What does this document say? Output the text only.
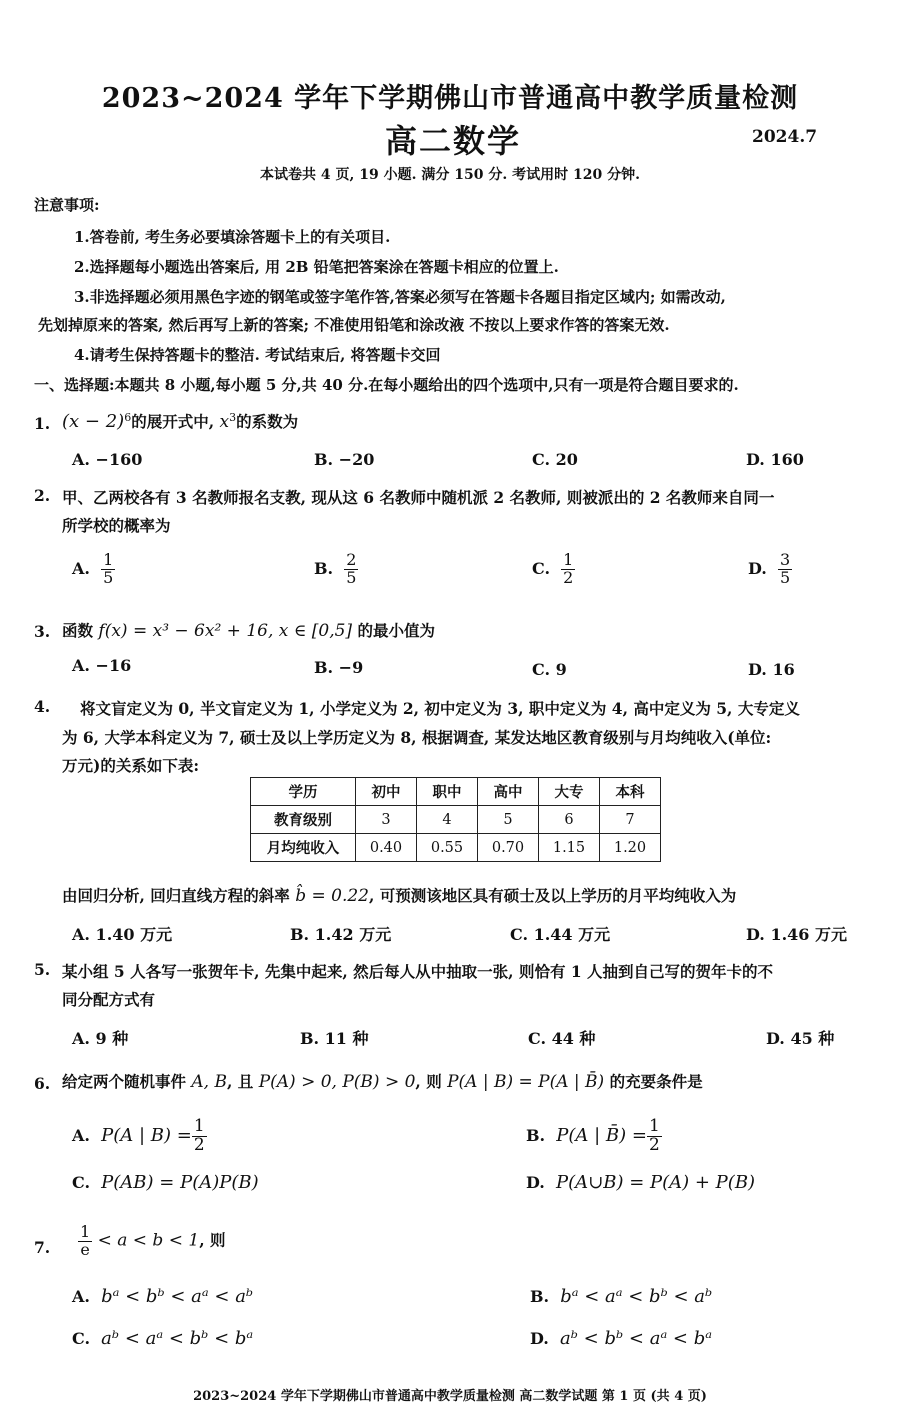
2023~2024 学年下学期佛山市普通高中教学质量检测
高二数学	2024.7
本试卷共 4 页, 19 小题. 满分 150 分. 考试用时 120 分钟.
注意事项:
1.答卷前, 考生务必要填涂答题卡上的有关项目.
2.选择题每小题选出答案后, 用 2B 铅笔把答案涂在答题卡相应的位置上.
3.非选择题必须用黑色字迹的钢笔或签字笔作答,答案必须写在答题卡各题目指定区域内; 如需改动,
先划掉原来的答案, 然后再写上新的答案; 不准使用铅笔和涂改液 不按以上要求作答的答案无效.
4.请考生保持答题卡的整洁. 考试结束后, 将答题卡交回
一、选择题:本题共 8 小题,每小题 5 分,共 40 分.在每小题给出的四个选项中,只有一项是符合题目要求的.
1. $(x - 2)^6$的展开式中, $x^3$的系数为
A. −160	B. −20	C. 20	D. 160
2. 甲、乙两校各有 3 名教师报名支教, 现从这 6 名教师中随机派 2 名教师, 则被派出的 2 名教师来自同一
所学校的概率为
A. $\frac{1}{5}$	B. $\frac{2}{5}$	C. $\frac{1}{2}$	D. $\frac{3}{5}$
3. 函数 f(x) = x³ − 6x² + 16, x ∈ [0,5] 的最小值为
A. −16	B. −9	C. 9	D. 16
4. 将文盲定义为 0, 半文盲定义为 1, 小学定义为 2, 初中定义为 3, 职中定义为 4, 高中定义为 5, 大专定义
为 6, 大学本科定义为 7, 硕士及以上学历定义为 8, 根据调查, 某发达地区教育级别与月均纯收入(单位:
万元)的关系如下表:
学历	初中	职中	高中	大专	本科
教育级别	3	4	5	6	7
月均纯收入	0.40	0.55	0.70	1.15	1.20
由回归分析, 回归直线方程的斜率 b̂ = 0.22, 可预测该地区具有硕士及以上学历的月平均纯收入为
A. 1.40 万元	B. 1.42 万元	C. 1.44 万元	D. 1.46 万元
5. 某小组 5 人各写一张贺年卡, 先集中起来, 然后每人从中抽取一张, 则恰有 1 人抽到自己写的贺年卡的不
同分配方式有
A. 9 种	B. 11 种	C. 44 种	D. 45 种
6. 给定两个随机事件 A, B, 且 P(A) > 0, P(B) > 0, 则 P(A | B) = P(A | B̄) 的充要条件是
A. P(A | $B) = \frac{1}{2}$	B. P(A | B̄) = $\frac{1}{2}$
C. P(AB) = P(A)P(B)	D. P(A∪B) = P(A) + P(B)
7. $\frac{1}{e} < a < b < 1$, 则
A. bᵃ < bᵇ < aᵃ < aᵇ	B. bᵃ < aᵃ < bᵇ < aᵇ
C. aᵇ < aᵃ < bᵇ < bᵃ	D. aᵇ < bᵇ < aᵃ < bᵃ
2023~2024 学年下学期佛山市普通高中教学质量检测 高二数学试题 第 1 页 (共 4 页)
